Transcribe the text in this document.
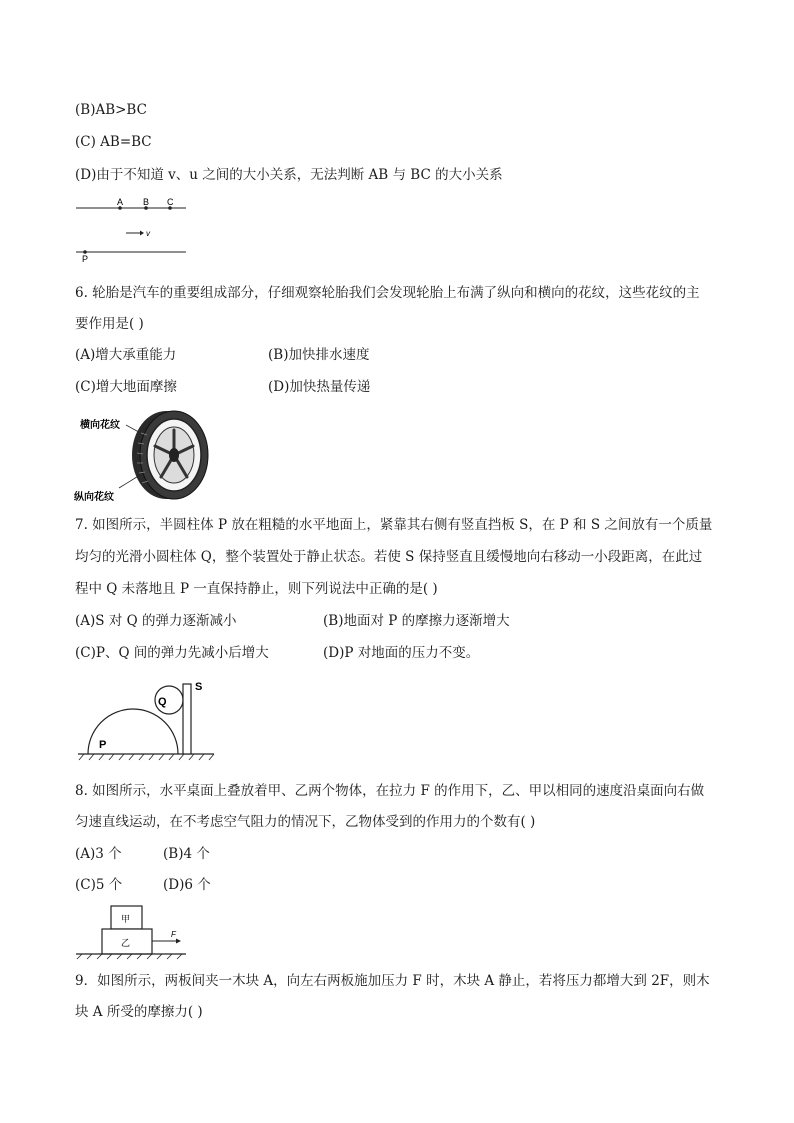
(B)AB>BC
(C) AB=BC
(D)由于不知道 v、u 之间的大小关系，无法判断 AB 与 BC 的大小关系
A B C
v
P
6. 轮胎是汽车的重要组成部分，仔细观察轮胎我们会发现轮胎上布满了纵向和横向的花纹，这些花纹的主
要作用是( )
(A)增大承重能力	(B)加快排水速度
(C)增大地面摩擦	(D)加快热量传递
横向花纹
纵向花纹
7. 如图所示，半圆柱体 P 放在粗糙的水平地面上，紧靠其右侧有竖直挡板 S，在 P 和 S 之间放有一个质量
均匀的光滑小圆柱体 Q，整个装置处于静止状态。若使 S 保持竖直且缓慢地向右移动一小段距离，在此过
程中 Q 未落地且 P 一直保持静止，则下列说法中正确的是( )
(A)S 对 Q 的弹力逐渐减小	(B)地面对 P 的摩擦力逐渐增大
(C)P、Q 间的弹力先减小后增大	(D)P 对地面的压力不变。
S
Q
P
8. 如图所示，水平桌面上叠放着甲、乙两个物体，在拉力 F 的作用下，乙、甲以相同的速度沿桌面向右做
匀速直线运动，在不考虑空气阻力的情况下，乙物体受到的作用力的个数有( )
(A)3 个	(B)4 个
(C)5 个	(D)6 个
甲
乙
F
9．如图所示，两板间夹一木块 A，向左右两板施加压力 F 时，木块 A 静止，若将压力都增大到 2F，则木
块 A 所受的摩擦力( )
